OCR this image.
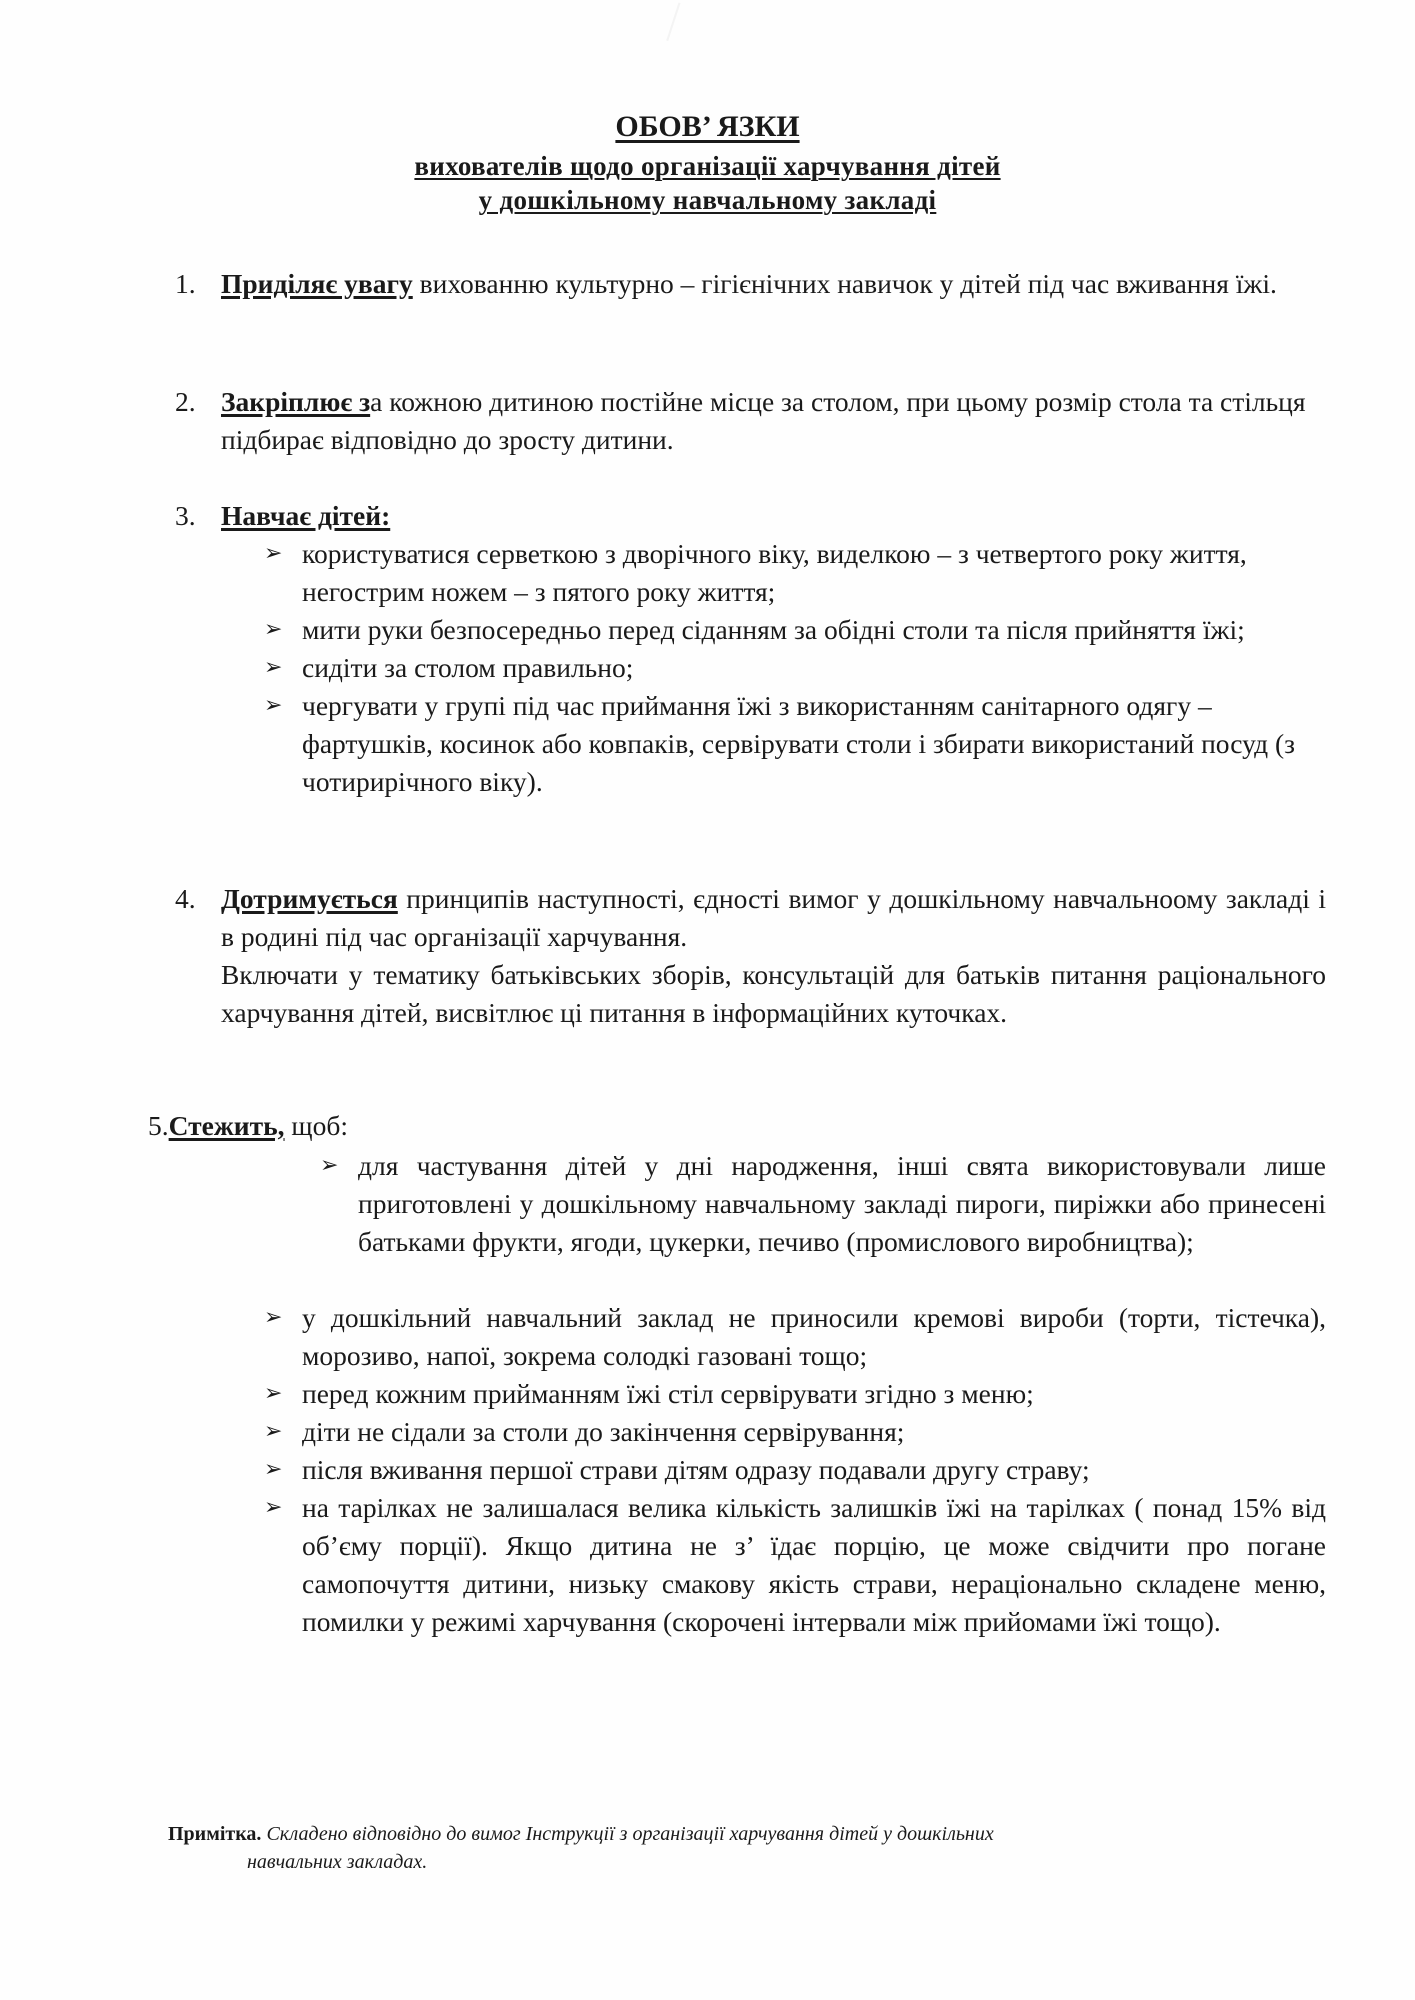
ОБОВ’ ЯЗКИ
вихователів щодо організації харчування дітей
у дошкільному навчальному закладі
1. Приділяє увагу вихованню культурно – гігієнічних навичок у дітей під час вживання їжі.
2. Закріплює за кожною дитиною постійне місце за столом, при цьому розмір стола та стільця підбирає відповідно до зросту дитини.
3. Навчає дітей:
➢ користуватися серветкою з дворічного віку, виделкою – з четвертого року життя, негострим ножем – з пятого року життя;
➢ мити руки безпосередньо перед сіданням за обідні столи та після прийняття їжі;
➢ сидіти за столом правильно;
➢ чергувати у групі під час приймання їжі з використанням санітарного одягу – фартушків, косинок або ковпаків, сервірувати столи і збирати використаний посуд (з чотирирічного віку).
4. Дотримується принципів наступності, єдності вимог у дошкільному навчальноому закладі і в родині під час організації харчування.
Включати у тематику батьківських зборів, консультацій для батьків питання раціонального харчування дітей, висвітлює ці питання в інформаційних куточках.
5.Стежить, щоб:
➢ для частування дітей у дні народження, інші свята використовували лише приготовлені у дошкільному навчальному закладі пироги, пиріжки або принесені батьками фрукти, ягоди, цукерки, печиво (промислового виробництва);
➢ у дошкільний навчальний заклад не приносили кремові вироби (торти, тістечка), морозиво, напої, зокрема солодкі газовані тощо;
➢ перед кожним прийманням їжі стіл сервірувати згідно з меню;
➢ діти не сідали за столи до закінчення сервірування;
➢ після вживання першої страви дітям одразу подавали другу страву;
➢ на тарілках не залишалася велика кількість залишків їжі на тарілках ( понад 15% від об’єму порції). Якщо дитина не з’ їдає порцію, це може свідчити про погане самопочуття дитини, низьку смакову якість страви, нераціонально складене меню, помилки у режимі харчування (скорочені інтервали між прийомами їжі тощо).
Примітка. Складено відповідно до вимог Інструкції з організації харчування дітей у дошкільних
навчальних закладах.
